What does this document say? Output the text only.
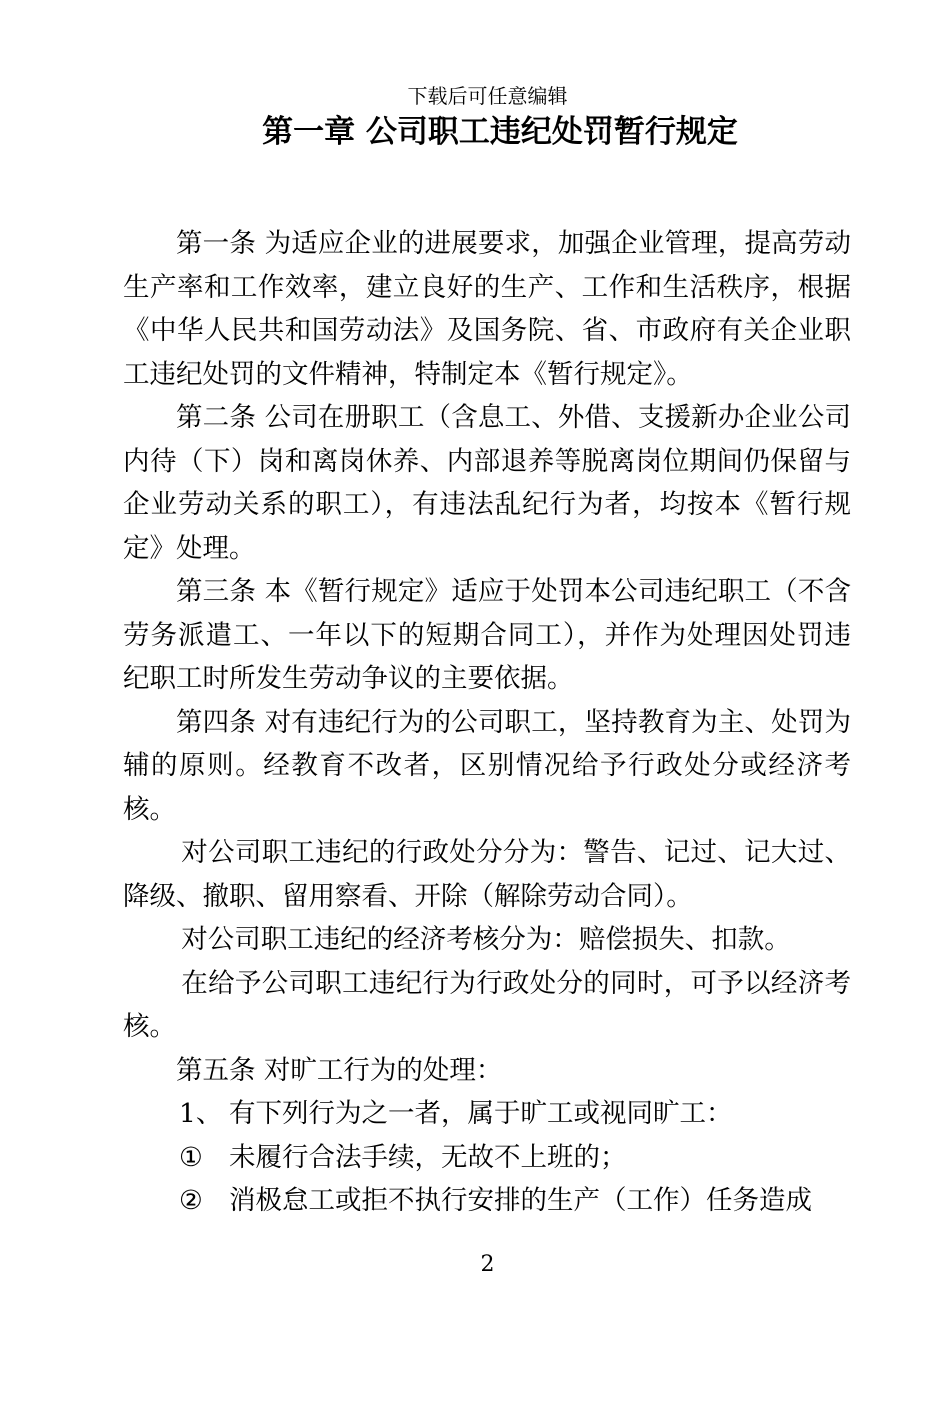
下载后可任意编辑
第一章 公司职工违纪处罚暂行规定

第一条 为适应企业的进展要求，加强企业管理，提高劳动生产率和工作效率，建立良好的生产、工作和生活秩序，根据《中华人民共和国劳动法》及国务院、省、市政府有关企业职工违纪处罚的文件精神，特制定本《暂行规定》。

第二条 公司在册职工（含息工、外借、支援新办企业公司内待（下）岗和离岗休养、内部退养等脱离岗位期间仍保留与企业劳动关系的职工），有违法乱纪行为者，均按本《暂行规定》处理。

第三条 本《暂行规定》适应于处罚本公司违纪职工（不含劳务派遣工、一年以下的短期合同工），并作为处理因处罚违纪职工时所发生劳动争议的主要依据。

第四条 对有违纪行为的公司职工，坚持教育为主、处罚为辅的原则。经教育不改者，区别情况给予行政处分或经济考核。

对公司职工违纪的行政处分分为：警告、记过、记大过、降级、撤职、留用察看、开除（解除劳动合同）。

对公司职工违纪的经济考核分为：赔偿损失、扣款。

在给予公司职工违纪行为行政处分的同时，可予以经济考核。

第五条 对旷工行为的处理：

1、 有下列行为之一者，属于旷工或视同旷工：

① 未履行合法手续，无故不上班的；

② 消极怠工或拒不执行安排的生产（工作）任务造成

2
